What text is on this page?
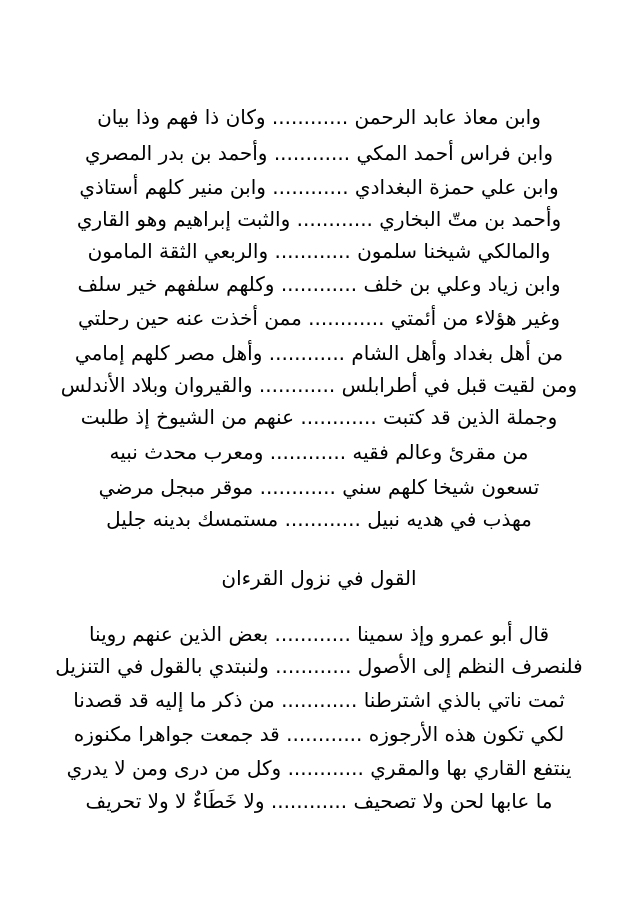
وابن معاذ عابد الرحمن ............ وكان ذا فهم وذا بيان
وابن فراس أحمد المكي ............ وأحمد بن بدر المصري
وابن علي حمزة البغدادي ............ وابن منير كلهم أستاذي
وأحمد بن متّ البخاري ............ والثبت إبراهيم وهو القاري
والمالكي شيخنا سلمون ............ والربعي الثقة المامون
وابن زياد وعلي بن خلف ............ وكلهم سلفهم خير سلف
وغير هؤلاء من أئمتي ............ ممن أخذت عنه حين رحلتي
من أهل بغداد وأهل الشام ............ وأهل مصر كلهم إمامي
ومن لقيت قبل في أطرابلس ............ والقيروان وبلاد الأندلس
وجملة الذين قد كتبت ............ عنهم من الشيوخ إذ طلبت
من مقرئ وعالم فقيه ............ ومعرب محدث نبيه
تسعون شيخا كلهم سني ............ موقر مبجل مرضي
مهذب في هديه نبيل ............ مستمسك بدينه جليل
القول في نزول القرءان
قال أبو عمرو وإذ سمينا ............ بعض الذين عنهم روينا
فلنصرف النظم إلى الأصول ............ ولنبتدي بالقول في التنزيل
ثمت ناتي بالذي اشترطنا ............ من ذكر ما إليه قد قصدنا
لكي تكون هذه الأرجوزه ............ قد جمعت جواهرا مكنوزه
ينتفع القاري بها والمقري ............ وكل من درى ومن لا يدري
ما عابها لحن ولا تصحيف ............ ولا خَطَاءٌ لا ولا تحريف
